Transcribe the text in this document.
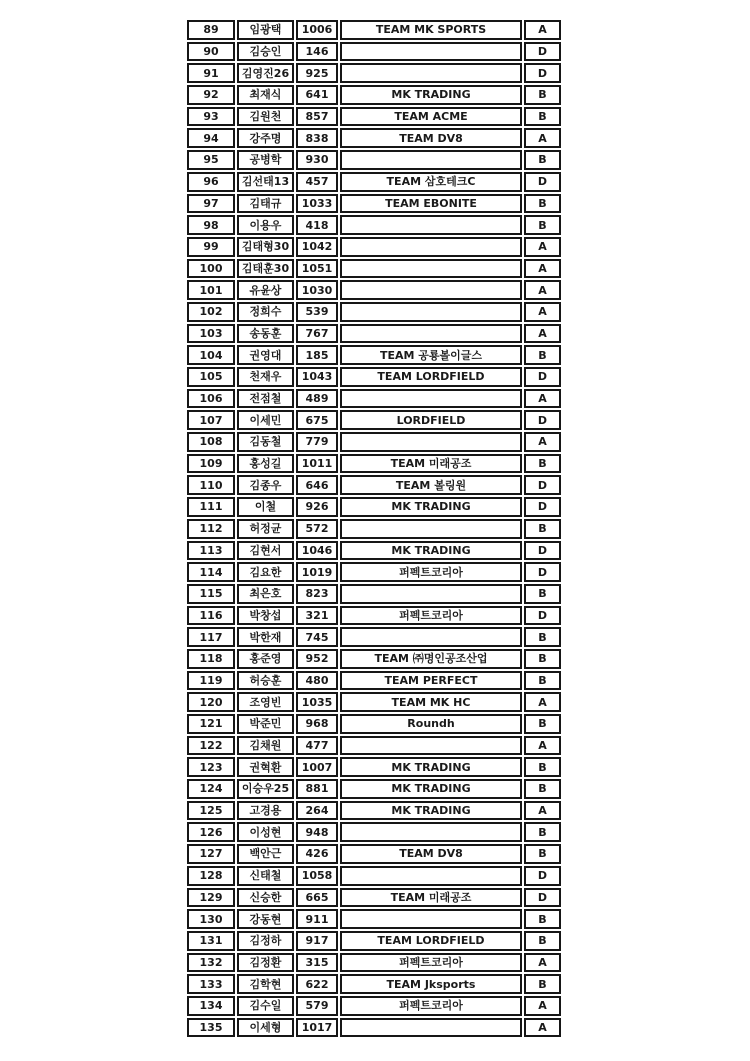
89	임광택	1006	TEAM MK SPORTS	A
90	김승인	146		D
91	김영진26	925		D
92	최재식	641	MK TRADING	B
93	김원천	857	TEAM ACME	B
94	강주명	838	TEAM DV8	A
95	공병학	930		B
96	김선태13	457	TEAM 삼호테크C	D
97	김태규	1033	TEAM EBONITE	B
98	이용우	418		B
99	김태형30	1042		A
100	김태훈30	1051		A
101	유윤상	1030		A
102	정희수	539		A
103	송동훈	767		A
104	권영대	185	TEAM 공룡볼이글스	B
105	천재우	1043	TEAM LORDFIELD	D
106	전점철	489		A
107	이세민	675	LORDFIELD	D
108	김동철	779		A
109	홍성길	1011	TEAM 미래공조	B
110	김종우	646	TEAM 볼링원	D
111	이철	926	MK TRADING	D
112	허정균	572		B
113	김현서	1046	MK TRADING	D
114	김요한	1019	퍼펙트코리아	D
115	최은호	823		B
116	박창섭	321	퍼펙트코리아	D
117	박한재	745		B
118	홍준영	952	TEAM ㈜명인공조산업	B
119	허승훈	480	TEAM PERFECT	B
120	조영빈	1035	TEAM MK HC	A
121	박준민	968	Roundh	B
122	김채원	477		A
123	권혁환	1007	MK TRADING	B
124	이승우25	881	MK TRADING	B
125	고경용	264	MK TRADING	A
126	이성현	948		B
127	백안근	426	TEAM DV8	B
128	신태철	1058		D
129	신승한	665	TEAM 미래공조	D
130	강동현	911		B
131	김정하	917	TEAM LORDFIELD	B
132	김정환	315	퍼펙트코리아	A
133	김학현	622	TEAM Jksports	B
134	김수일	579	퍼펙트코리아	A
135	이세형	1017		A
